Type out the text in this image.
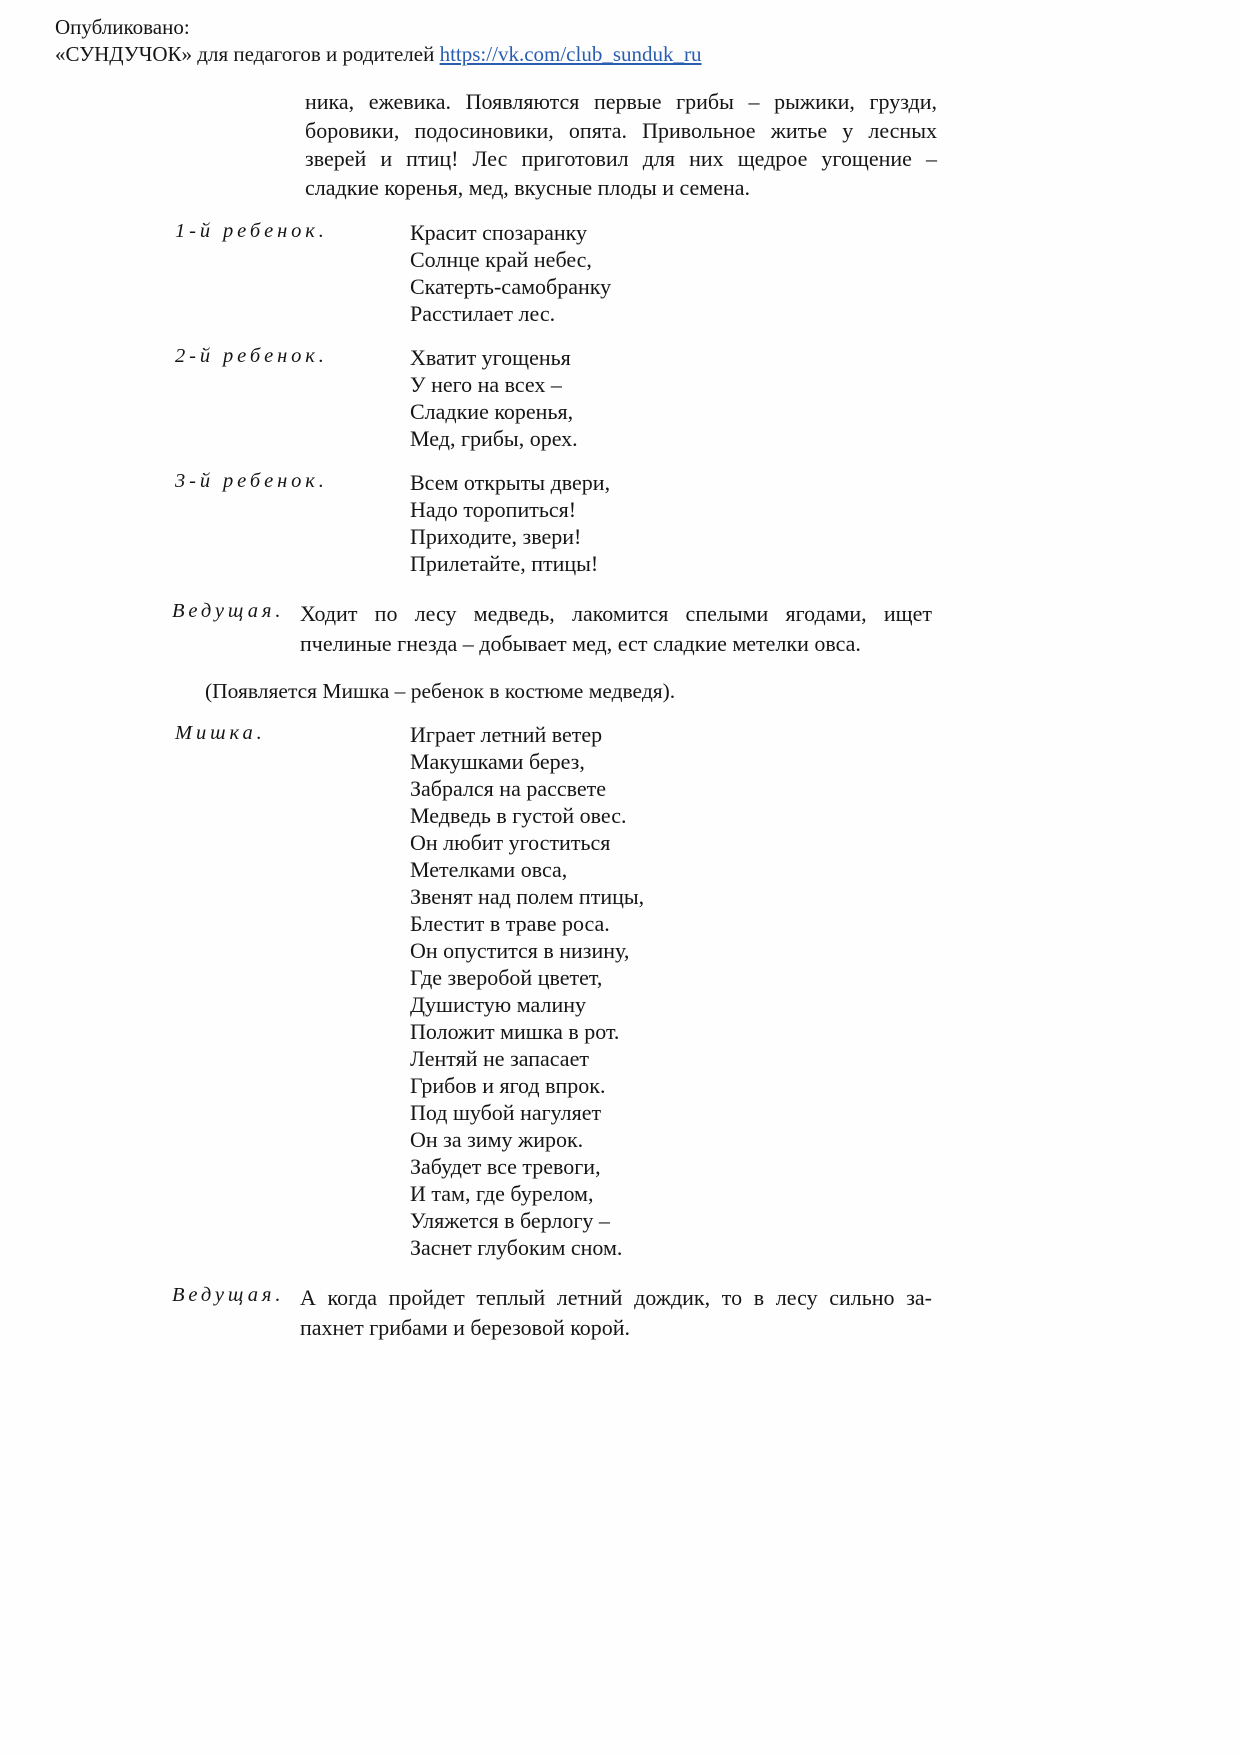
Опубликовано:
«СУНДУЧОК» для педагогов и родителей https://vk.com/club_sunduk_ru
ника, ежевика. Появляются первые грибы – рыжики, грузди,
боровики, подосиновики, опята. Привольное житье у лесных
зверей и птиц! Лес приготовил для них щедрое угощение –
сладкие коренья, мед, вкусные плоды и семена.
1-й ребенок.	Красит спозаранку
Солнце край небес,
Скатерть-самобранку
Расстилает лес.
2-й ребенок.	Хватит угощенья
У него на всех –
Сладкие коренья,
Мед, грибы, орех.
3-й ребенок.	Всем открыты двери,
Надо торопиться!
Приходите, звери!
Прилетайте, птицы!
Ведущая. Ходит по лесу медведь, лакомится спелыми ягодами, ищет
пчелиные гнезда – добывает мед, ест сладкие метелки овса.
(Появляется Мишка – ребенок в костюме медведя).
Мишка.	Играет летний ветер
Макушками берез,
Забрался на рассвете
Медведь в густой овес.
Он любит угоститься
Метелками овса,
Звенят над полем птицы,
Блестит в траве роса.
Он опустится в низину,
Где зверобой цветет,
Душистую малину
Положит мишка в рот.
Лентяй не запасает
Грибов и ягод впрок.
Под шубой нагуляет
Он за зиму жирок.
Забудет все тревоги,
И там, где бурелом,
Уляжется в берлогу –
Заснет глубоким сном.
Ведущая. А когда пройдет теплый летний дождик, то в лесу сильно за-
пахнет грибами и березовой корой.
